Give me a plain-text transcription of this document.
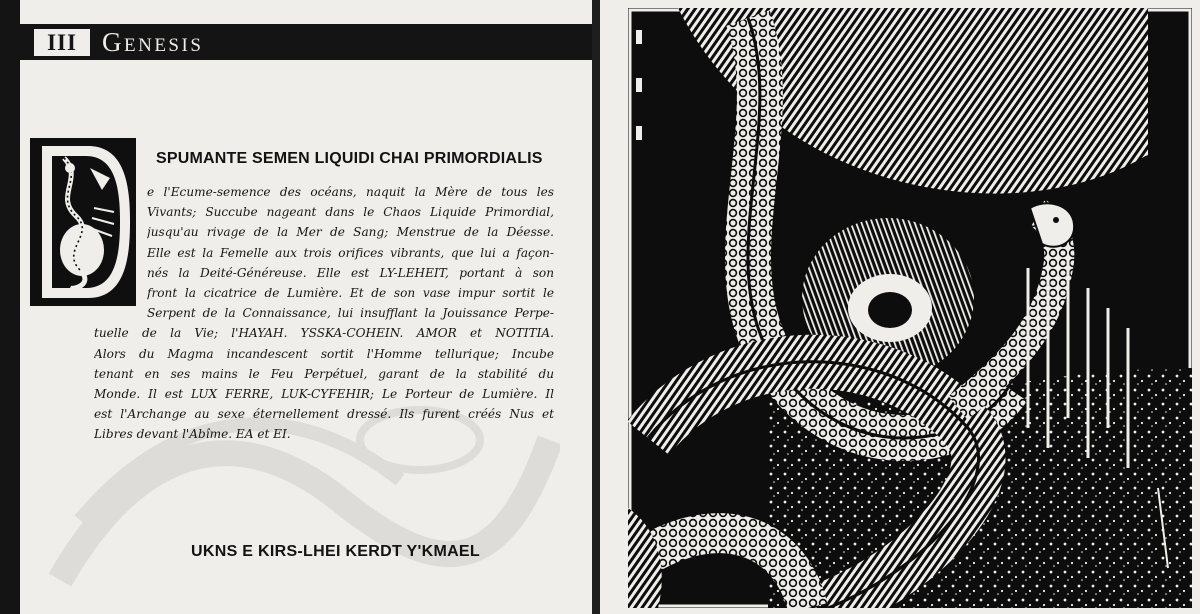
III Genesis
SPUMANTE SEMEN LIQUIDI CHAI PRIMORDIALIS
e l'Ecume-semence des océans, naquit la Mère de tous les
Vivants; Succube nageant dans le Chaos Liquide Primordial,
jusqu'au rivage de la Mer de Sang; Menstrue de la Déesse.
Elle est la Femelle aux trois orifices vibrants, que lui a façon-
nés la Deité-Généreuse. Elle est LY-LEHEIT, portant à son
front la cicatrice de Lumière. Et de son vase impur sortit le
Serpent de la Connaissance, lui insufflant la Jouissance Perpe-
tuelle de la Vie; l'HAYAH. YSSKA-COHEIN. AMOR et NOTITIA.
Alors du Magma incandescent sortit l'Homme tellurique; Incube
tenant en ses mains le Feu Perpétuel, garant de la stabilité du
Monde. Il est LUX FERRE, LUK-CYFEHIR; Le Porteur de Lumière. Il
est l'Archange au sexe éternellement dressé. Ils furent créés Nus et
Libres devant l'Abîme. EA et EI.
UKNS E KIRS-LHEI KERDT Y'KMAEL
